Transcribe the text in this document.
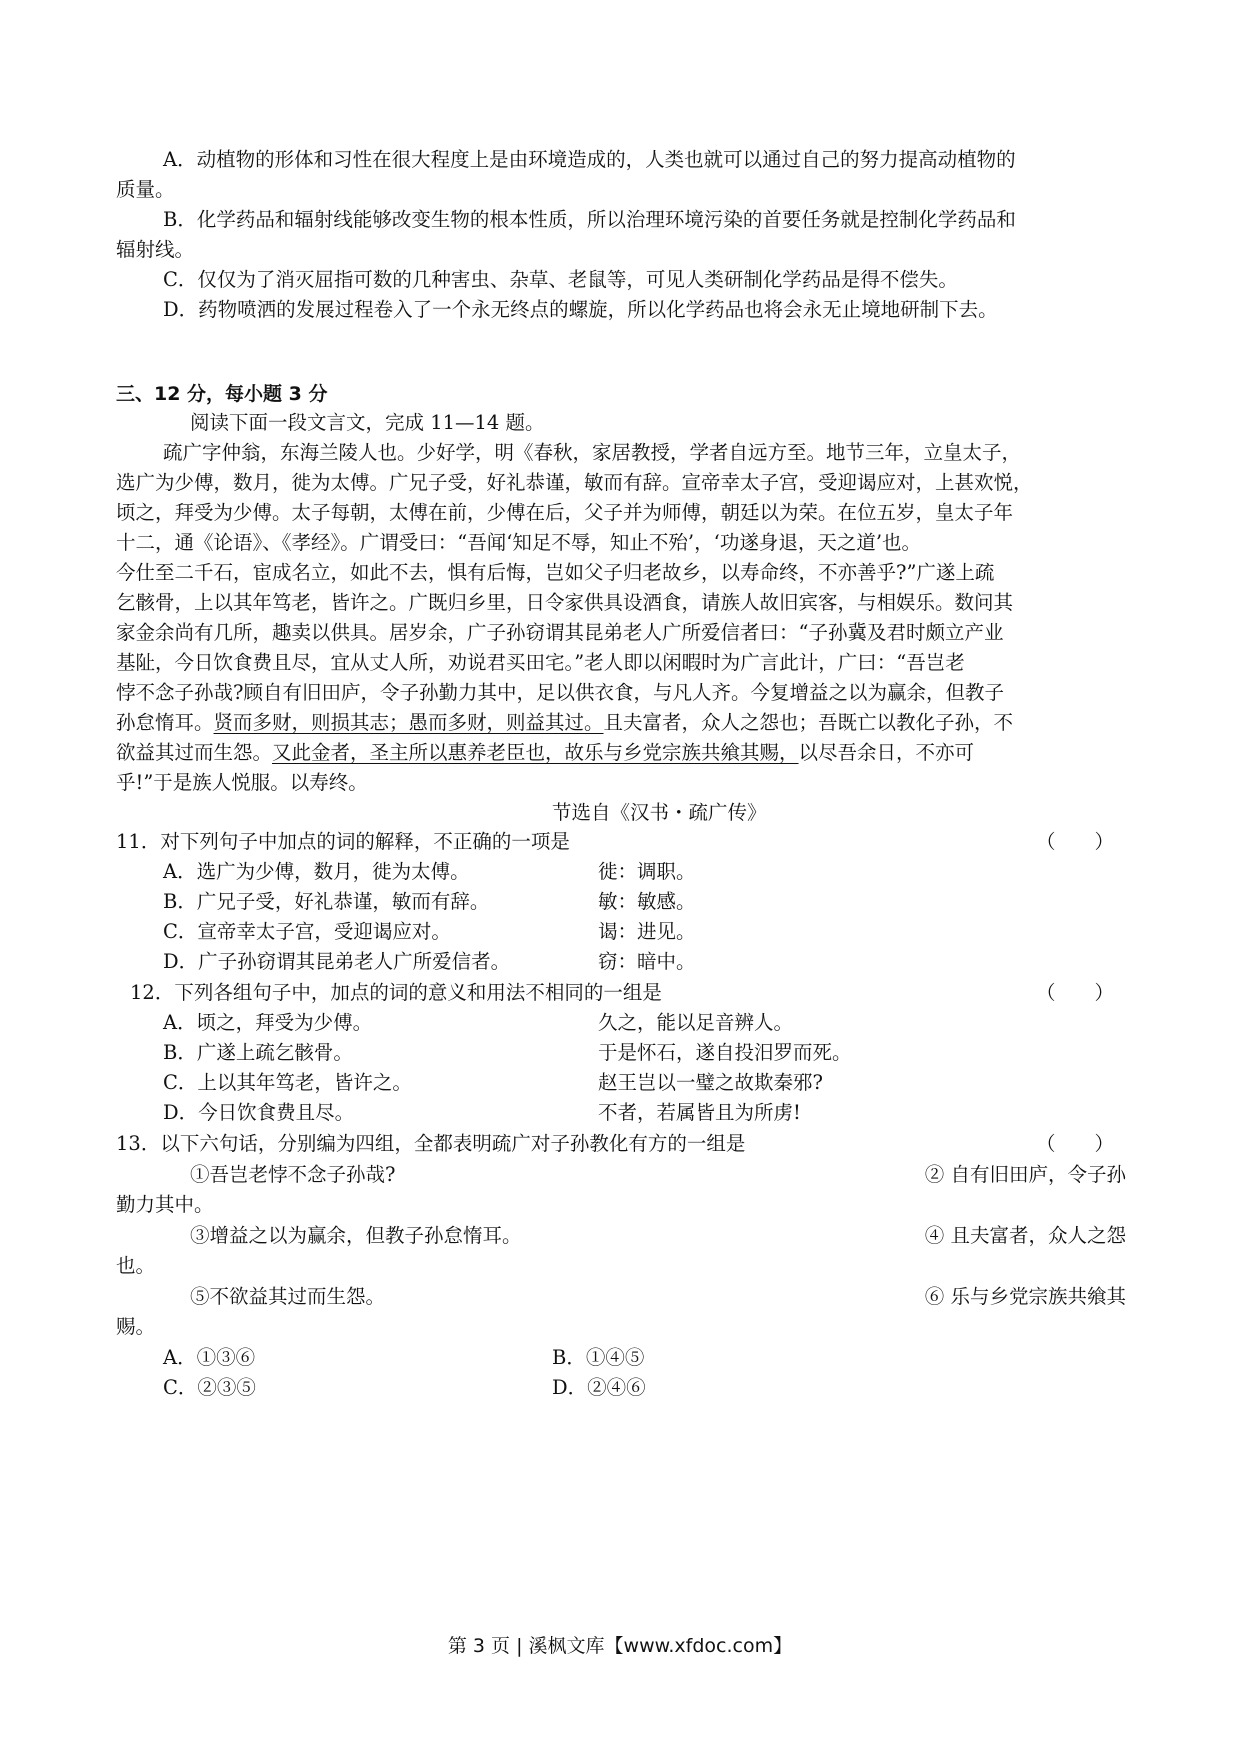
A．动植物的形体和习性在很大程度上是由环境造成的，人类也就可以通过自己的努力提高动植物的
质量。
B．化学药品和辐射线能够改变生物的根本性质，所以治理环境污染的首要任务就是控制化学药品和
辐射线。
C．仅仅为了消灭屈指可数的几种害虫、杂草、老鼠等，可见人类研制化学药品是得不偿失。
D．药物喷洒的发展过程卷入了一个永无终点的螺旋，所以化学药品也将会永无止境地研制下去。
三、12 分，每小题 3 分
阅读下面一段文言文，完成 11—14 题。
疏广字仲翁，东海兰陵人也。少好学，明《春秋，家居教授，学者自远方至。地节三年，立皇太子，
选广为少傅，数月，徙为太傅。广兄子受，好礼恭谨，敏而有辞。宣帝幸太子宫，受迎谒应对，上甚欢悦，
顷之，拜受为少傅。太子每朝，太傅在前，少傅在后，父子并为师傅，朝廷以为荣。在位五岁，皇太子年
十二，通《论语》、《孝经》。广谓受曰：“吾闻‘知足不辱，知止不殆’，‘功遂身退，天之道’也。
今仕至二千石，宦成名立，如此不去，惧有后悔，岂如父子归老故乡，以寿命终，不亦善乎?”广遂上疏
乞骸骨，上以其年笃老，皆许之。广既归乡里，日令家供具设酒食，请族人故旧宾客，与相娱乐。数问其
家金余尚有几所，趣卖以供具。居岁余，广子孙窃谓其昆弟老人广所爱信者曰：“子孙冀及君时颇立产业
基阯，今日饮食费且尽，宜从丈人所，劝说君买田宅。”老人即以闲暇时为广言此计，广曰：“吾岂老
悖不念子孙哉?顾自有旧田庐，令子孙勤力其中，足以供衣食，与凡人齐。今复增益之以为赢余，但教子
孙怠惰耳。贤而多财，则损其志；愚而多财，则益其过。且夫富者，众人之怨也；吾既亡以教化子孙，不
欲益其过而生怨。又此金者，圣主所以惠养老臣也，故乐与乡党宗族共飨其赐，以尽吾余日，不亦可
乎!”于是族人悦服。以寿终。
节选自《汉书・疏广传》
11．对下列句子中加点的词的解释，不正确的一项是	（　　）
A．选广为少傅，数月，徙为太傅。	徙：调职。
B．广兄子受，好礼恭谨，敏而有辞。	敏：敏感。
C．宣帝幸太子宫，受迎谒应对。	谒：进见。
D．广子孙窃谓其昆弟老人广所爱信者。	窃：暗中。
12．下列各组句子中，加点的词的意义和用法不相同的一组是	（　　）
A．顷之，拜受为少傅。	久之，能以足音辨人。
B．广遂上疏乞骸骨。	于是怀石，遂自投汨罗而死。
C．上以其年笃老，皆许之。	赵王岂以一璧之故欺秦邪?
D．今日饮食费且尽。	不者，若属皆且为所虏!
13．以下六句话，分别编为四组，全都表明疏广对子孙教化有方的一组是	（　　）
①吾岂老悖不念子孙哉?	② 自有旧田庐，令子孙
勤力其中。
③增益之以为赢余，但教子孙怠惰耳。	④ 且夫富者，众人之怨
也。
⑤不欲益其过而生怨。	⑥ 乐与乡党宗族共飨其
赐。
A．①③⑥	B．①④⑤
C．②③⑤	D．②④⑥
第 3 页 | 溪枫文库【www.xfdoc.com】
